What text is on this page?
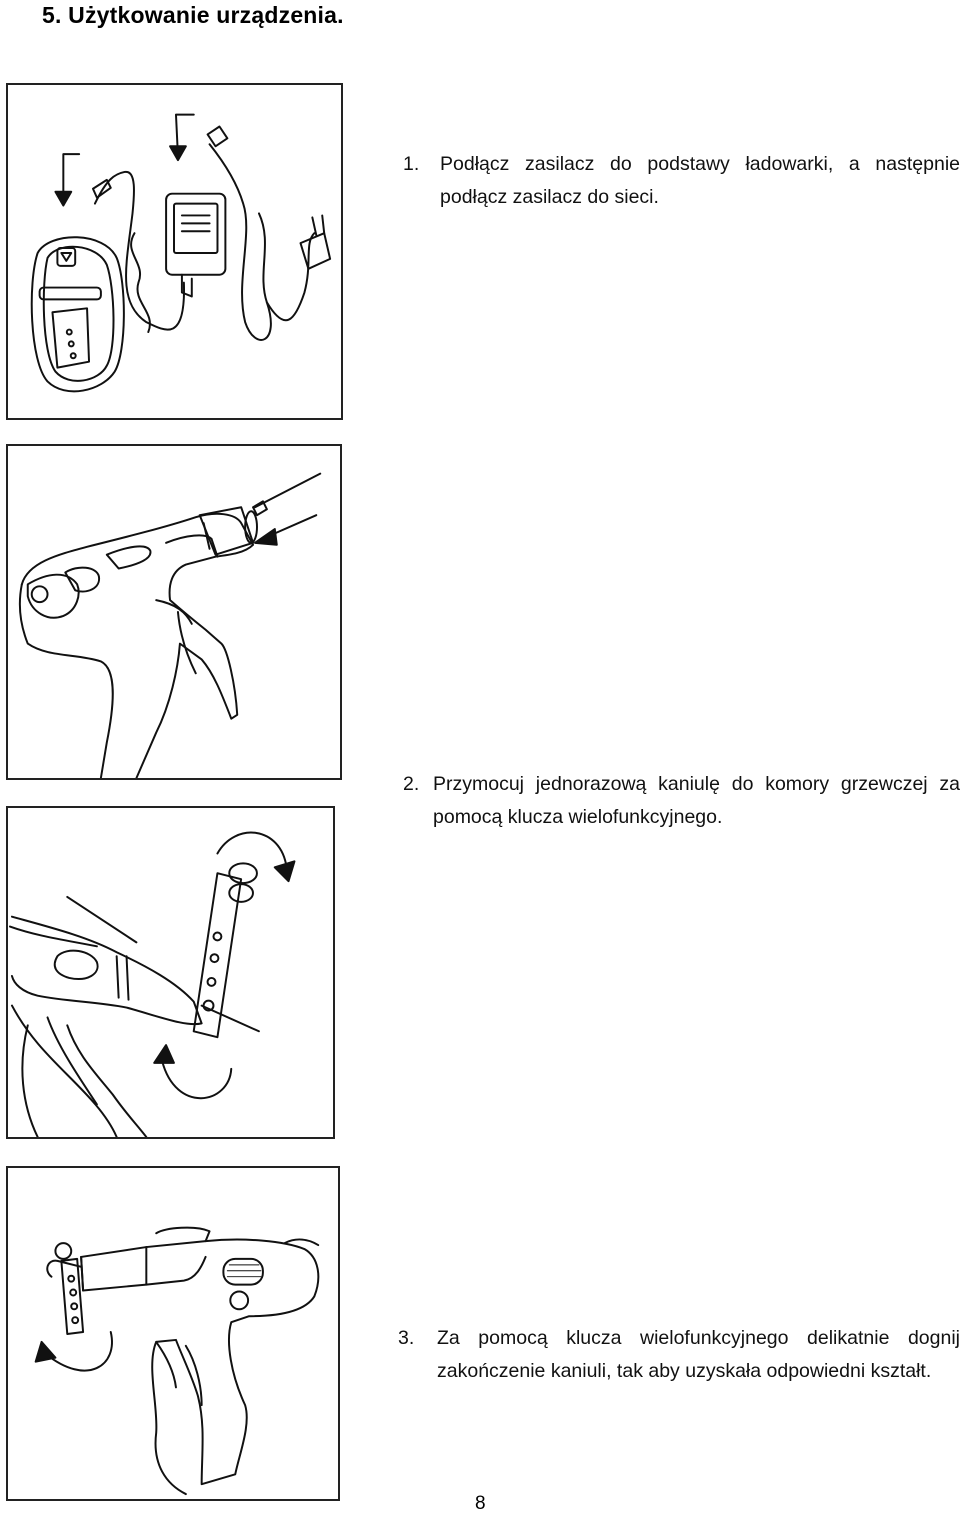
5. Użytkowanie urządzenia.
1. Podłącz zasilacz do podstawy ładowarki, a następnie podłącz zasilacz do sieci.
2. Przymocuj jednorazową kaniulę do komory grzewczej za pomocą klucza wielofunkcyjnego.
3. Za pomocą klucza wielofunkcyjnego delikatnie dognij zakończenie kaniuli, tak aby uzyskała odpowiedni kształt.
8
